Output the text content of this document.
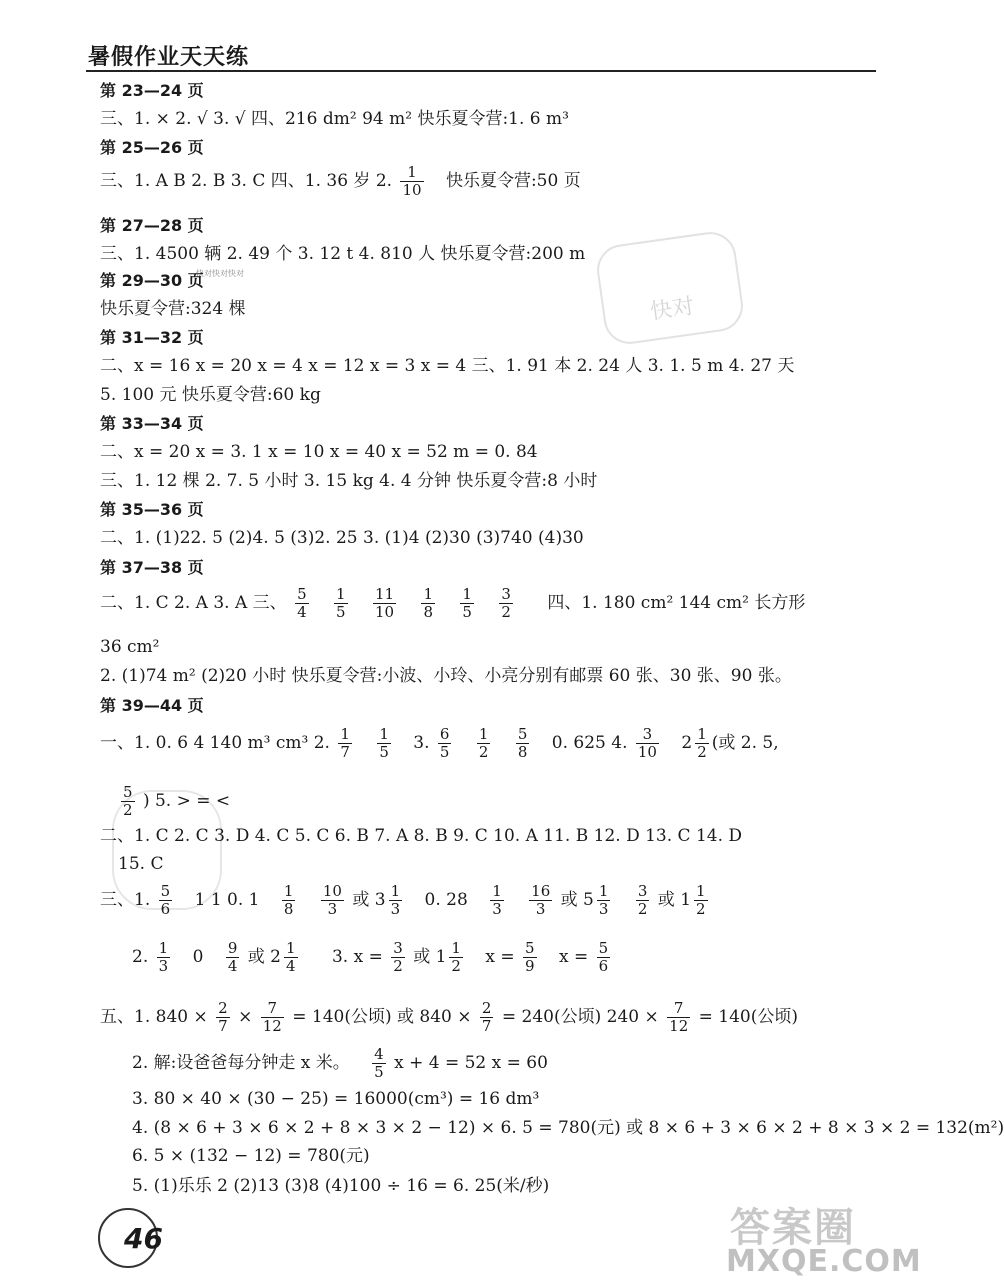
暑假作业天天练
快对
快对快对快对
第 23—24 页
三、1. × 2. √ 3. √ 四、216 dm² 94 m² 快乐夏令营:1. 6 m³
第 25—26 页
三、1. A B 2. B 3. C 四、1. 36 岁 2. $\frac{1}{10}$ 快乐夏令营:50 页
第 27—28 页
三、1. 4500 辆 2. 49 个 3. 12 t 4. 810 人 快乐夏令营:200 m
第 29—30 页
快乐夏令营:324 棵
第 31—32 页
二、x = 16 x = 20 x = 4 x = 12 x = 3 x = 4 三、1. 91 本 2. 24 人 3. 1. 5 m 4. 27 天
5. 100 元 快乐夏令营:60 kg
第 33—34 页
二、x = 20 x = 3. 1 x = 10 x = 40 x = 52 m = 0. 84
三、1. 12 棵 2. 7. 5 小时 3. 15 kg 4. 4 分钟 快乐夏令营:8 小时
第 35—36 页
二、1. (1)22. 5 (2)4. 5 (3)2. 25 3. (1)4 (2)30 (3)740 (4)30
第 37—38 页
二、1. C 2. A 3. A 三、 $\frac{5}{4}$
$\frac{1}{5}$
$\frac{11}{10}$
$\frac{1}{8}$
$\frac{1}{5}$
$\frac{3}{2}$ 四、1. 180 cm² 144 cm² 长方形
36 cm²
2. (1)74 m² (2)20 小时 快乐夏令营:小波、小玲、小亮分别有邮票 60 张、30 张、90 张。
第 39—44 页
一、1. 0. 6 4 140 m³ cm³ 2. $\frac{1}{7}$
$\frac{1}{5} 3$. $\frac{6}{5}$
$\frac{1}{2}$
$\frac{5}{8} 0$. 625 4. $\frac{3}{10} 2 \frac{1}{2}$ (或 2. 5,
$\frac{5}{2}$ ) 5. > = <
二、1. C 2. C 3. D 4. C 5. C 6. B 7. A 8. B 9. C 10. A 11. B 12. D 13. C 14. D
15. C
三、1. $\frac{5}{6} 1$ 1 0. $1 \frac{1}{8}$
$\frac{10}{3}$ 或 $3 \frac{1}{3} 0$. $28 \frac{1}{3}$
$\frac{16}{3}$ 或 $5 \frac{1}{3}$
$\frac{3}{2}$ 或 $1 \frac{1}{2}$
2. $\frac{1}{3} 0 \frac{9}{4}$ 或 $2 \frac{1}{4} 3$. $x = \frac{3}{2}$ 或 $1 \frac{1}{2}$ $x = \frac{5}{9}$ $x = \frac{5}{6}$
五、1. $840 \times \frac{2}{7} \times \frac{7}{12} = 140$(公顷) 或 $840 \times \frac{2}{7} = 240$(公顷) $240 \times \frac{7}{12} = 140$(公顷)
2. 解:设爸爸每分钟走 x 米。 $\frac{4}{5}$ x + 4 = 52 x = 60
3. 80 × 40 × (30 − 25) = 16000(cm³) = 16 dm³
4. (8 × 6 + 3 × 6 × 2 + 8 × 3 × 2 − 12) × 6. 5 = 780(元) 或 8 × 6 + 3 × 6 × 2 + 8 × 3 × 2 = 132(m²)
6. 5 × (132 − 12) = 780(元)
5. (1)乐乐 2 (2)13 (3)8 (4)100 ÷ 16 = 6. 25(米/秒)
46	答案圈
MXQE.COM
